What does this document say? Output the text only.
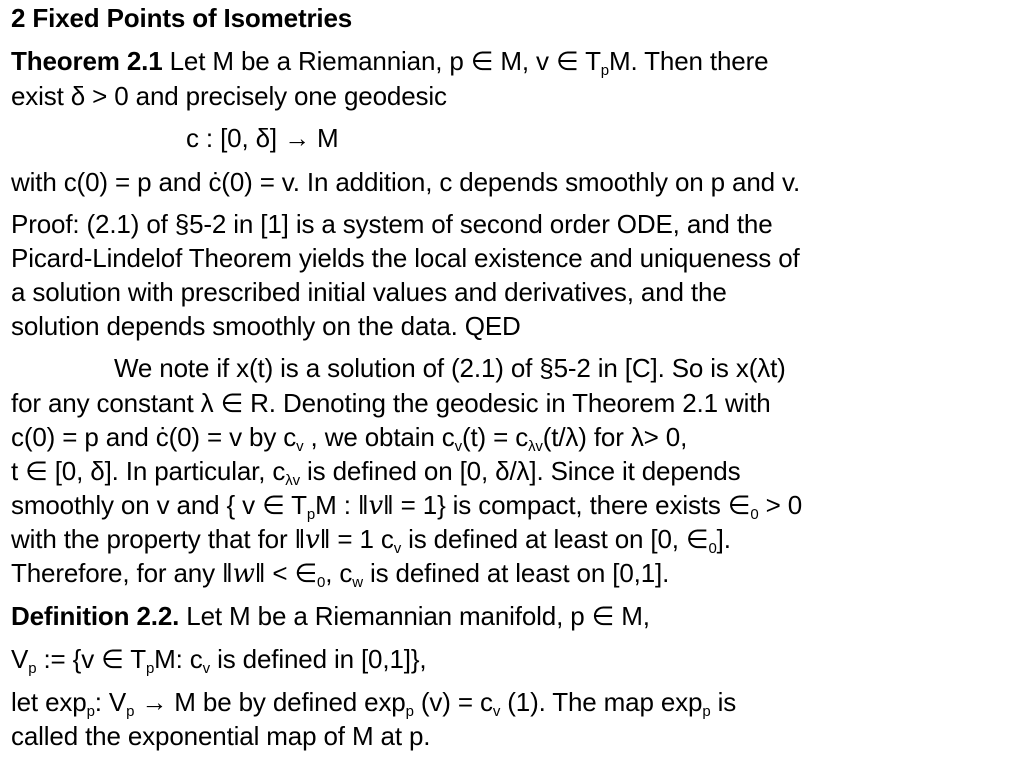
2 Fixed Points of Isometries
Theorem 2.1 Let M be a Riemannian, p ∈ M, v ∈ $T_pM$. Then there
exist δ > 0 and precisely one geodesic
c : [0, δ] → M
with c(0) = p and ċ(0) = v. In addition, c depends smoothly on p and v.
Proof: (2.1) of §5-2 in [1] is a system of second order ODE, and the
Picard-Lindelof Theorem yields the local existence and uniqueness of
a solution with prescribed initial values and derivatives, and the
solution depends smoothly on the data. QED
We note if x(t) is a solution of (2.1) of §5-2 in [C]. So is x(λt)
for any constant λ ∈ R. Denoting the geodesic in Theorem 2.1 with
c(0) = p and ċ(0) = v by $c_v$ , we obtain $c_v(t) = c_{\lambda v}(t/\lambda)$ for λ> 0,
t ∈ [0, δ]. In particular, $c_{\lambda v}$ is defined on [0, δ/λ]. Since it depends
smoothly on v and { v ∈ $T_pM$ : ‖v‖ = 1} is compact, there exists $\in_0 > 0$
with the property that for ‖v‖ = 1 $c_v$ is defined at least on [0, $\in_0$].
Therefore, for any ‖w‖ < $\in_0$, $c_w$ is defined at least on [0,1].
Definition 2.2. Let M be a Riemannian manifold, p ∈ M,
$V_p$ := {v ∈ $T_pM$: $c_v$ is defined in [0,1]},
let $\exp_p$: $V_p \to M$ be by defined $\exp_p (v) = c_v$ (1). The map $\exp_p$ is
called the exponential map of M at p.
